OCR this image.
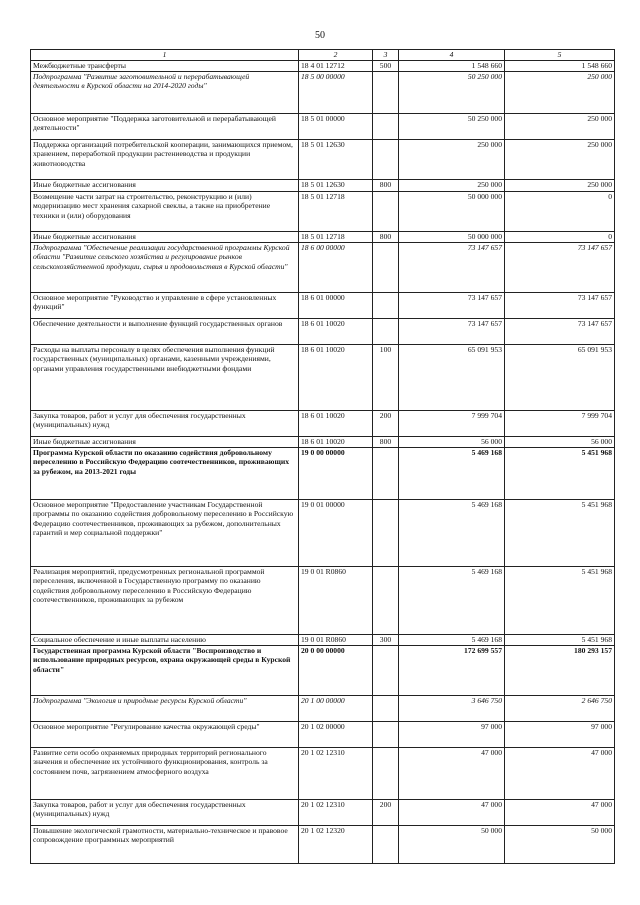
50
1	2	3	4	5
Межбюджетные трансферты	18 4 01 12712	500	1 548 660	1 548 660
Подпрограмма "Развитие заготовительной и перерабатывающей деятельности в Курской области на 2014-2020 годы"	18 5 00 00000		50 250 000	250 000
Основное мероприятие "Поддержка заготовительной и перерабатывающей деятельности"	18 5 01 00000		50 250 000	250 000
Поддержка организаций потребительской кооперации, занимающихся приемом, хранением, переработкой продукции растениеводства и продукции животноводства	18 5 01 12630		250 000	250 000
Иные бюджетные ассигнования	18 5 01 12630	800	250 000	250 000
Возмещение части затрат на строительство, реконструкцию и (или) модернизацию мест хранения сахарной свеклы, а также на приобретение техники и (или) оборудования	18 5 01 12718		50 000 000	0
Иные бюджетные ассигнования	18 5 01 12718	800	50 000 000	0
Подпрограмма "Обеспечение реализации государственной программы Курской области "Развитие сельского хозяйства и регулирование рынков сельскохозяйственной продукции, сырья и продовольствия в Курской области"	18 6 00 00000		73 147 657	73 147 657
Основное мероприятие "Руководство и управление в сфере установленных функций"	18 6 01 00000		73 147 657	73 147 657
Обеспечение деятельности и выполнение функций государственных органов	18 6 01 10020		73 147 657	73 147 657
Расходы на выплаты персоналу в целях обеспечения выполнения функций государственных (муниципальных) органами, казенными учреждениями, органами управления государственными внебюджетными фондами	18 6 01 10020	100	65 091 953	65 091 953
Закупка товаров, работ и услуг для обеспечения государственных (муниципальных) нужд	18 6 01 10020	200	7 999 704	7 999 704
Иные бюджетные ассигнования	18 6 01 10020	800	56 000	56 000
Программа Курской области по оказанию содействия добровольному переселению в Российскую Федерацию соотечественников, проживающих за рубежом, на 2013-2021 годы	19 0 00 00000		5 469 168	5 451 968
Основное мероприятие "Предоставление участникам Государственной программы по оказанию содействия добровольному переселению в Российскую Федерацию соотечественников, проживающих за рубежом, дополнительных гарантий и мер социальной поддержки"	19 0 01 00000		5 469 168	5 451 968
Реализация мероприятий, предусмотренных региональной программой переселения, включенной в Государственную программу по оказанию содействия добровольному переселению в Российскую Федерацию соотечественников, проживающих за рубежом	19 0 01 R0860		5 469 168	5 451 968
Социальное обеспечение и иные выплаты населению	19 0 01 R0860	300	5 469 168	5 451 968
Государственная программа Курской области "Воспроизводство и использование природных ресурсов, охрана окружающей среды в Курской области"	20 0 00 00000		172 699 557	180 293 157
Подпрограмма "Экология и природные ресурсы Курской области"	20 1 00 00000		3 646 750	2 646 750
Основное мероприятие "Регулирование качества окружающей среды"	20 1 02 00000		97 000	97 000
Развитие сети особо охраняемых природных территорий регионального значения и обеспечение их устойчивого функционирования, контроль за состоянием почв, загрязнением атмосферного воздуха	20 1 02 12310		47 000	47 000
Закупка товаров, работ и услуг для обеспечения государственных (муниципальных) нужд	20 1 02 12310	200	47 000	47 000
Повышение экологической грамотности, материально-техническое и правовое сопровождение программных мероприятий	20 1 02 12320		50 000	50 000
